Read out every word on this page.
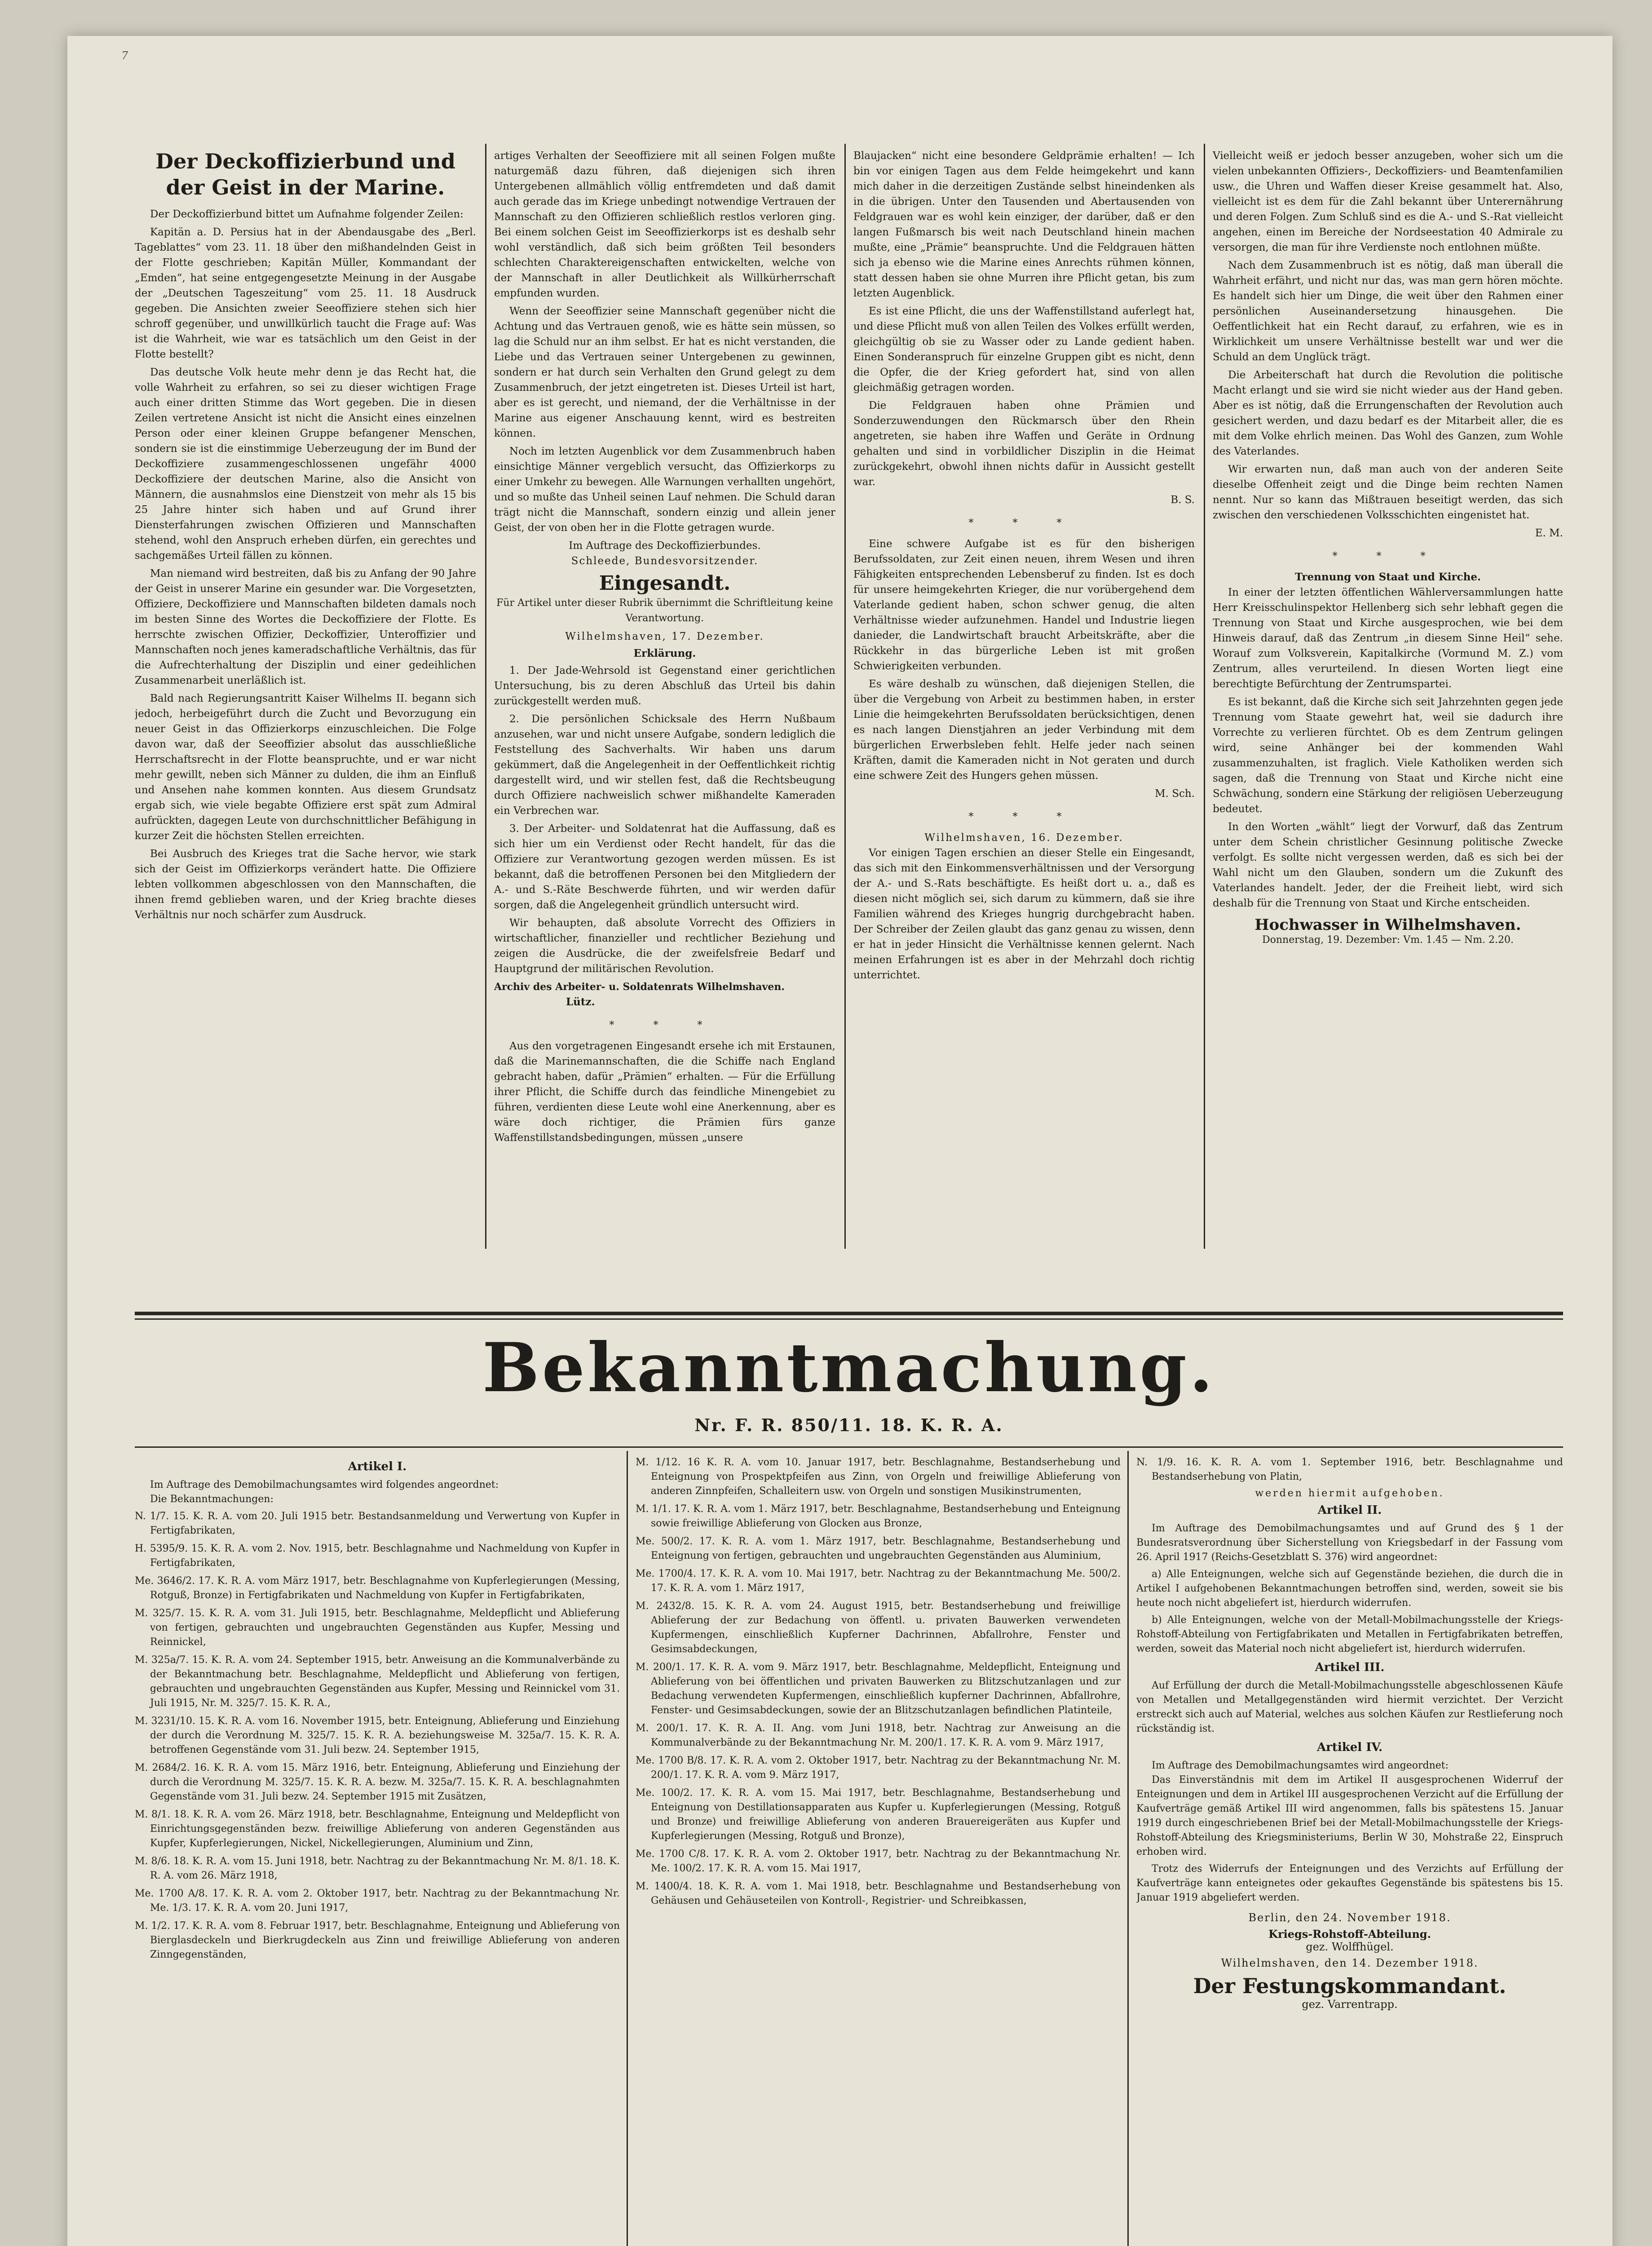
7
Der Deckoffizierbund und der Geist in der Marine.

Der Deckoffizierbund bittet um Aufnahme folgender Zeilen:

Kapitän a. D. Persius hat in der Abendausgabe des „Berl. Tageblattes“ vom 23. 11. 18 über den mißhandelnden Geist in der Flotte geschrieben; Kapitän Müller, Kommandant der „Emden“, hat seine entgegengesetzte Meinung in der Ausgabe der „Deutschen Tageszeitung“ vom 25. 11. 18 Ausdruck gegeben. Die Ansichten zweier Seeoffiziere stehen sich hier schroff gegenüber, und unwillkürlich taucht die Frage auf: Was ist die Wahrheit, wie war es tatsächlich um den Geist in der Flotte bestellt?

Das deutsche Volk heute mehr denn je das Recht hat, die volle Wahrheit zu erfahren, so sei zu dieser wichtigen Frage auch einer dritten Stimme das Wort gegeben. Die in diesen Zeilen vertretene Ansicht ist nicht die Ansicht eines einzelnen Person oder einer kleinen Gruppe befangener Menschen, sondern sie ist die einstimmige Ueberzeugung der im Bund der Deckoffiziere zusammengeschlossenen ungefähr 4000 Deckoffiziere der deutschen Marine, also die Ansicht von Männern, die ausnahmslos eine Dienstzeit von mehr als 15 bis 25 Jahre hinter sich haben und auf Grund ihrer Diensterfahrungen zwischen Offizieren und Mannschaften stehend, wohl den Anspruch erheben dürfen, ein gerechtes und sachgemäßes Urteil fällen zu können.

Man niemand wird bestreiten, daß bis zu Anfang der 90 Jahre der Geist in unserer Marine ein gesunder war. Die Vorgesetzten, Offiziere, Deckoffiziere und Mannschaften bildeten damals noch im besten Sinne des Wortes die Deckoffiziere der Flotte. Es herrschte zwischen Offizier, Deckoffizier, Unteroffizier und Mannschaften noch jenes kameradschaftliche Verhältnis, das für die Aufrechterhaltung der Disziplin und einer gedeihlichen Zusammenarbeit unerläßlich ist.

Bald nach Regierungsantritt Kaiser Wilhelms II. begann sich jedoch, herbeigeführt durch die Zucht und Bevorzugung ein neuer Geist in das Offizierkorps einzuschleichen. Die Folge davon war, daß der Seeoffizier absolut das ausschließliche Herrschaftsrecht in der Flotte beanspruchte, und er war nicht mehr gewillt, neben sich Männer zu dulden, die ihm an Einfluß und Ansehen nahe kommen konnten. Aus diesem Grundsatz ergab sich, wie viele begabte Offiziere erst spät zum Admiral aufrückten, dagegen Leute von durchschnittlicher Befähigung in kurzer Zeit die höchsten Stellen erreichten.

Bei Ausbruch des Krieges trat die Sache hervor, wie stark sich der Geist im Offizierkorps verändert hatte. Die Offiziere lebten vollkommen abgeschlossen von den Mannschaften, die ihnen fremd geblieben waren, und der Krieg brachte dieses Verhältnis nur noch schärfer zum Ausdruck.

artiges Verhalten der Seeoffiziere mit all seinen Folgen mußte naturgemäß dazu führen, daß diejenigen sich ihren Untergebenen allmählich völlig entfremdeten und daß damit auch gerade das im Kriege unbedingt notwendige Vertrauen der Mannschaft zu den Offizieren schließlich restlos verloren ging. Bei einem solchen Geist im Seeoffizierkorps ist es deshalb sehr wohl verständlich, daß sich beim größten Teil besonders schlechten Charaktereigenschaften entwickelten, welche von der Mannschaft in aller Deutlichkeit als Willkürherrschaft empfunden wurden.

Wenn der Seeoffizier seine Mannschaft gegenüber nicht die Achtung und das Vertrauen genoß, wie es hätte sein müssen, so lag die Schuld nur an ihm selbst. Er hat es nicht verstanden, die Liebe und das Vertrauen seiner Untergebenen zu gewinnen, sondern er hat durch sein Verhalten den Grund gelegt zu dem Zusammenbruch, der jetzt eingetreten ist. Dieses Urteil ist hart, aber es ist gerecht, und niemand, der die Verhältnisse in der Marine aus eigener Anschauung kennt, wird es bestreiten können.

Noch im letzten Augenblick vor dem Zusammenbruch haben einsichtige Männer vergeblich versucht, das Offizierkorps zu einer Umkehr zu bewegen. Alle Warnungen verhallten ungehört, und so mußte das Unheil seinen Lauf nehmen. Die Schuld daran trägt nicht die Mannschaft, sondern einzig und allein jener Geist, der von oben her in die Flotte getragen wurde.

Im Auftrage des Deckoffizierbundes.
Schleede, Bundesvorsitzender.
Eingesandt.
Für Artikel unter dieser Rubrik übernimmt die Schriftleitung keine Verantwortung.
Wilhelmshaven, 17. Dezember.
Erklärung.

1. Der Jade-Wehrsold ist Gegenstand einer gerichtlichen Untersuchung, bis zu deren Abschluß das Urteil bis dahin zurückgestellt werden muß.

2. Die persönlichen Schicksale des Herrn Nußbaum anzusehen, war und nicht unsere Aufgabe, sondern lediglich die Feststellung des Sachverhalts. Wir haben uns darum gekümmert, daß die Angelegenheit in der Oeffentlichkeit richtig dargestellt wird, und wir stellen fest, daß die Rechtsbeugung durch Offiziere nachweislich schwer mißhandelte Kameraden ein Verbrechen war.

3. Der Arbeiter- und Soldatenrat hat die Auffassung, daß es sich hier um ein Verdienst oder Recht handelt, für das die Offiziere zur Verantwortung gezogen werden müssen. Es ist bekannt, daß die betroffenen Personen bei den Mitgliedern der A.- und S.-Räte Beschwerde führten, und wir werden dafür sorgen, daß die Angelegenheit gründlich untersucht wird.

Wir behaupten, daß absolute Vorrecht des Offiziers in wirtschaftlicher, finanzieller und rechtlicher Beziehung und zeigen die Ausdrücke, die der zweifelsfreie Bedarf und Hauptgrund der militärischen Revolution.

Archiv des Arbeiter- u. Soldatenrats Wilhelmshaven.
Lütz.
* * *

Aus den vorgetragenen Eingesandt ersehe ich mit Erstaunen, daß die Marinemannschaften, die die Schiffe nach England gebracht haben, dafür „Prämien“ erhalten. — Für die Erfüllung ihrer Pflicht, die Schiffe durch das feindliche Minengebiet zu führen, verdienten diese Leute wohl eine Anerkennung, aber es wäre doch richtiger, die Prämien fürs ganze Waffenstillstandsbedingungen, müssen „unsere

Blaujacken“ nicht eine besondere Geldprämie erhalten! — Ich bin vor einigen Tagen aus dem Felde heimgekehrt und kann mich daher in die derzeitigen Zustände selbst hineindenken als in die übrigen. Unter den Tausenden und Abertausenden von Feldgrauen war es wohl kein einziger, der darüber, daß er den langen Fußmarsch bis weit nach Deutschland hinein machen mußte, eine „Prämie“ beanspruchte. Und die Feldgrauen hätten sich ja ebenso wie die Marine eines Anrechts rühmen können, statt dessen haben sie ohne Murren ihre Pflicht getan, bis zum letzten Augenblick.

Es ist eine Pflicht, die uns der Waffenstillstand auferlegt hat, und diese Pflicht muß von allen Teilen des Volkes erfüllt werden, gleichgültig ob sie zu Wasser oder zu Lande gedient haben. Einen Sonderanspruch für einzelne Gruppen gibt es nicht, denn die Opfer, die der Krieg gefordert hat, sind von allen gleichmäßig getragen worden.

Die Feldgrauen haben ohne Prämien und Sonderzuwendungen den Rückmarsch über den Rhein angetreten, sie haben ihre Waffen und Geräte in Ordnung gehalten und sind in vorbildlicher Disziplin in die Heimat zurückgekehrt, obwohl ihnen nichts dafür in Aussicht gestellt war.

B. S.
* * *

Eine schwere Aufgabe ist es für den bisherigen Berufssoldaten, zur Zeit einen neuen, ihrem Wesen und ihren Fähigkeiten entsprechenden Lebensberuf zu finden. Ist es doch für unsere heimgekehrten Krieger, die nur vorübergehend dem Vaterlande gedient haben, schon schwer genug, die alten Verhältnisse wieder aufzunehmen. Handel und Industrie liegen danieder, die Landwirtschaft braucht Arbeitskräfte, aber die Rückkehr in das bürgerliche Leben ist mit großen Schwierigkeiten verbunden.

Es wäre deshalb zu wünschen, daß diejenigen Stellen, die über die Vergebung von Arbeit zu bestimmen haben, in erster Linie die heimgekehrten Berufssoldaten berücksichtigen, denen es nach langen Dienstjahren an jeder Verbindung mit dem bürgerlichen Erwerbsleben fehlt. Helfe jeder nach seinen Kräften, damit die Kameraden nicht in Not geraten und durch eine schwere Zeit des Hungers gehen müssen.

M. Sch.
* * *
Wilhelmshaven, 16. Dezember.

Vor einigen Tagen erschien an dieser Stelle ein Eingesandt, das sich mit den Einkommensverhältnissen und der Versorgung der A.- und S.-Rats beschäftigte. Es heißt dort u. a., daß es diesen nicht möglich sei, sich darum zu kümmern, daß sie ihre Familien während des Krieges hungrig durchgebracht haben. Der Schreiber der Zeilen glaubt das ganz genau zu wissen, denn er hat in jeder Hinsicht die Verhältnisse kennen gelernt. Nach meinen Erfahrungen ist es aber in der Mehrzahl doch richtig unterrichtet.

Vielleicht weiß er jedoch besser anzugeben, woher sich um die vielen unbekannten Offiziers-, Deckoffiziers- und Beamtenfamilien usw., die Uhren und Waffen dieser Kreise gesammelt hat. Also, vielleicht ist es dem für die Zahl bekannt über Unterernährung und deren Folgen. Zum Schluß sind es die A.- und S.-Rat vielleicht angehen, einen im Bereiche der Nordseestation 40 Admirale zu versorgen, die man für ihre Verdienste noch entlohnen müßte.

Nach dem Zusammenbruch ist es nötig, daß man überall die Wahrheit erfährt, und nicht nur das, was man gern hören möchte. Es handelt sich hier um Dinge, die weit über den Rahmen einer persönlichen Auseinandersetzung hinausgehen. Die Oeffentlichkeit hat ein Recht darauf, zu erfahren, wie es in Wirklichkeit um unsere Verhältnisse bestellt war und wer die Schuld an dem Unglück trägt.

Die Arbeiterschaft hat durch die Revolution die politische Macht erlangt und sie wird sie nicht wieder aus der Hand geben. Aber es ist nötig, daß die Errungenschaften der Revolution auch gesichert werden, und dazu bedarf es der Mitarbeit aller, die es mit dem Volke ehrlich meinen. Das Wohl des Ganzen, zum Wohle des Vaterlandes.

Wir erwarten nun, daß man auch von der anderen Seite dieselbe Offenheit zeigt und die Dinge beim rechten Namen nennt. Nur so kann das Mißtrauen beseitigt werden, das sich zwischen den verschiedenen Volksschichten eingenistet hat.

E. M.
* * *
Trennung von Staat und Kirche.

In einer der letzten öffentlichen Wählerversammlungen hatte Herr Kreisschulinspektor Hellenberg sich sehr lebhaft gegen die Trennung von Staat und Kirche ausgesprochen, wie bei dem Hinweis darauf, daß das Zentrum „in diesem Sinne Heil“ sehe. Worauf zum Volksverein, Kapitalkirche (Vormund M. Z.) vom Zentrum, alles verurteilend. In diesen Worten liegt eine berechtigte Befürchtung der Zentrumspartei.

Es ist bekannt, daß die Kirche sich seit Jahrzehnten gegen jede Trennung vom Staate gewehrt hat, weil sie dadurch ihre Vorrechte zu verlieren fürchtet. Ob es dem Zentrum gelingen wird, seine Anhänger bei der kommenden Wahl zusammenzuhalten, ist fraglich. Viele Katholiken werden sich sagen, daß die Trennung von Staat und Kirche nicht eine Schwächung, sondern eine Stärkung der religiösen Ueberzeugung bedeutet.

In den Worten „wählt“ liegt der Vorwurf, daß das Zentrum unter dem Schein christlicher Gesinnung politische Zwecke verfolgt. Es sollte nicht vergessen werden, daß es sich bei der Wahl nicht um den Glauben, sondern um die Zukunft des Vaterlandes handelt. Jeder, der die Freiheit liebt, wird sich deshalb für die Trennung von Staat und Kirche entscheiden.

Hochwasser in Wilhelmshaven.
Donnerstag, 19. Dezember: Vm. 1.45 — Nm. 2.20.
Bekanntmachung.
Nr. F. R. 850/11. 18. K. R. A.
Artikel I.
Im Auftrage des Demobilmachungsamtes wird folgendes angeordnet:
Die Bekanntmachungen:
N. 1/7. 15. K. R. A. vom 20. Juli 1915 betr. Bestandsanmeldung und Verwertung von Kupfer in Fertigfabrikaten,
H. 5395/9. 15. K. R. A. vom 2. Nov. 1915, betr. Beschlagnahme und Nachmeldung von Kupfer in Fertigfabrikaten,
Me. 3646/2. 17. K. R. A. vom März 1917, betr. Beschlagnahme von Kupferlegierungen (Messing, Rotguß, Bronze) in Fertigfabrikaten und Nachmeldung von Kupfer in Fertigfabrikaten,
M. 325/7. 15. K. R. A. vom 31. Juli 1915, betr. Beschlagnahme, Meldepflicht und Ablieferung von fertigen, gebrauchten und ungebrauchten Gegenständen aus Kupfer, Messing und Reinnickel,
M. 325a/7. 15. K. R. A. vom 24. September 1915, betr. Anweisung an die Kommunalverbände zu der Bekanntmachung betr. Beschlagnahme, Meldepflicht und Ablieferung von fertigen, gebrauchten und ungebrauchten Gegenständen aus Kupfer, Messing und Reinnickel vom 31. Juli 1915, Nr. M. 325/7. 15. K. R. A.,
M. 3231/10. 15. K. R. A. vom 16. November 1915, betr. Enteignung, Ablieferung und Einziehung der durch die Verordnung M. 325/7. 15. K. R. A. beziehungsweise M. 325a/7. 15. K. R. A. betroffenen Gegenstände vom 31. Juli bezw. 24. September 1915,
M. 2684/2. 16. K. R. A. vom 15. März 1916, betr. Enteignung, Ablieferung und Einziehung der durch die Verordnung M. 325/7. 15. K. R. A. bezw. M. 325a/7. 15. K. R. A. beschlagnahmten Gegenstände vom 31. Juli bezw. 24. September 1915 mit Zusätzen,
M. 8/1. 18. K. R. A. vom 26. März 1918, betr. Beschlagnahme, Enteignung und Meldepflicht von Einrichtungsgegenständen bezw. freiwillige Ablieferung von anderen Gegenständen aus Kupfer, Kupferlegierungen, Nickel, Nickellegierungen, Aluminium und Zinn,
M. 8/6. 18. K. R. A. vom 15. Juni 1918, betr. Nachtrag zu der Bekanntmachung Nr. M. 8/1. 18. K. R. A. vom 26. März 1918,
Me. 1700 A/8. 17. K. R. A. vom 2. Oktober 1917, betr. Nachtrag zu der Bekanntmachung Nr. Me. 1/3. 17. K. R. A. vom 20. Juni 1917,
M. 1/2. 17. K. R. A. vom 8. Februar 1917, betr. Beschlagnahme, Enteignung und Ablieferung von Bierglasdeckeln und Bierkrugdeckeln aus Zinn und freiwillige Ablieferung von anderen Zinngegenständen,
M. 1/12. 16 K. R. A. vom 10. Januar 1917, betr. Beschlagnahme, Bestandserhebung und Enteignung von Prospektpfeifen aus Zinn, von Orgeln und freiwillige Ablieferung von anderen Zinnpfeifen, Schalleitern usw. von Orgeln und sonstigen Musikinstrumenten,
M. 1/1. 17. K. R. A. vom 1. März 1917, betr. Beschlagnahme, Bestandserhebung und Enteignung sowie freiwillige Ablieferung von Glocken aus Bronze,
Me. 500/2. 17. K. R. A. vom 1. März 1917, betr. Beschlagnahme, Bestandserhebung und Enteignung von fertigen, gebrauchten und ungebrauchten Gegenständen aus Aluminium,
Me. 1700/4. 17. K. R. A. vom 10. Mai 1917, betr. Nachtrag zu der Bekanntmachung Me. 500/2. 17. K. R. A. vom 1. März 1917,
M. 2432/8. 15. K. R. A. vom 24. August 1915, betr. Bestandserhebung und freiwillige Ablieferung der zur Bedachung von öffentl. u. privaten Bauwerken verwendeten Kupfermengen, einschließlich Kupferner Dachrinnen, Abfallrohre, Fenster und Gesimsabdeckungen,
M. 200/1. 17. K. R. A. vom 9. März 1917, betr. Beschlagnahme, Meldepflicht, Enteignung und Ablieferung von bei öffentlichen und privaten Bauwerken zu Blitzschutzanlagen und zur Bedachung verwendeten Kupfermengen, einschließlich kupferner Dachrinnen, Abfallrohre, Fenster- und Gesimsabdeckungen, sowie der an Blitzschutzanlagen befindlichen Platinteile,
M. 200/1. 17. K. R. A. II. Ang. vom Juni 1918, betr. Nachtrag zur Anweisung an die Kommunalverbände zu der Bekanntmachung Nr. M. 200/1. 17. K. R. A. vom 9. März 1917,
Me. 1700 B/8. 17. K. R. A. vom 2. Oktober 1917, betr. Nachtrag zu der Bekanntmachung Nr. M. 200/1. 17. K. R. A. vom 9. März 1917,
Me. 100/2. 17. K. R. A. vom 15. Mai 1917, betr. Beschlagnahme, Bestandserhebung und Enteignung von Destillationsapparaten aus Kupfer u. Kupferlegierungen (Messing, Rotguß und Bronze) und freiwillige Ablieferung von anderen Brauereigeräten aus Kupfer und Kupferlegierungen (Messing, Rotguß und Bronze),
Me. 1700 C/8. 17. K. R. A. vom 2. Oktober 1917, betr. Nachtrag zu der Bekanntmachung Nr. Me. 100/2. 17. K. R. A. vom 15. Mai 1917,
M. 1400/4. 18. K. R. A. vom 1. Mai 1918, betr. Beschlagnahme und Bestandserhebung von Gehäusen und Gehäuseteilen von Kontroll-, Registrier- und Schreibkassen,
N. 1/9. 16. K. R. A. vom 1. September 1916, betr. Beschlagnahme und Bestandserhebung von Platin,
werden hiermit aufgehoben.
Artikel II.
Im Auftrage des Demobilmachungsamtes und auf Grund des § 1 der Bundesratsverordnung über Sicherstellung von Kriegsbedarf in der Fassung vom 26. April 1917 (Reichs-Gesetzblatt S. 376) wird angeordnet:
a) Alle Enteignungen, welche sich auf Gegenstände beziehen, die durch die in Artikel I aufgehobenen Bekanntmachungen betroffen sind, werden, soweit sie bis heute noch nicht abgeliefert ist, hierdurch widerrufen.
b) Alle Enteignungen, welche von der Metall-Mobilmachungsstelle der Kriegs-Rohstoff-Abteilung von Fertigfabrikaten und Metallen in Fertigfabrikaten betreffen, werden, soweit das Material noch nicht abgeliefert ist, hierdurch widerrufen.
Artikel III.
Auf Erfüllung der durch die Metall-Mobilmachungsstelle abgeschlossenen Käufe von Metallen und Metallgegenständen wird hiermit verzichtet. Der Verzicht erstreckt sich auch auf Material, welches aus solchen Käufen zur Restlieferung noch rückständig ist.
Artikel IV.
Im Auftrage des Demobilmachungsamtes wird angeordnet:
Das Einverständnis mit dem im Artikel II ausgesprochenen Widerruf der Enteignungen und dem in Artikel III ausgesprochenen Verzicht auf die Erfüllung der Kaufverträge gemäß Artikel III wird angenommen, falls bis spätestens 15. Januar 1919 durch eingeschriebenen Brief bei der Metall-Mobilmachungsstelle der Kriegs-Rohstoff-Abteilung des Kriegsministeriums, Berlin W 30, Mohstraße 22, Einspruch erhoben wird.
Trotz des Widerrufs der Enteignungen und des Verzichts auf Erfüllung der Kaufverträge kann enteignetes oder gekauftes Gegenstände bis spätestens bis 15. Januar 1919 abgeliefert werden.
Berlin, den 24. November 1918.
Kriegs-Rohstoff-Abteilung.
gez. Wolffhügel.
Wilhelmshaven, den 14. Dezember 1918.
Der Festungskommandant.
gez. Varrentrapp.
